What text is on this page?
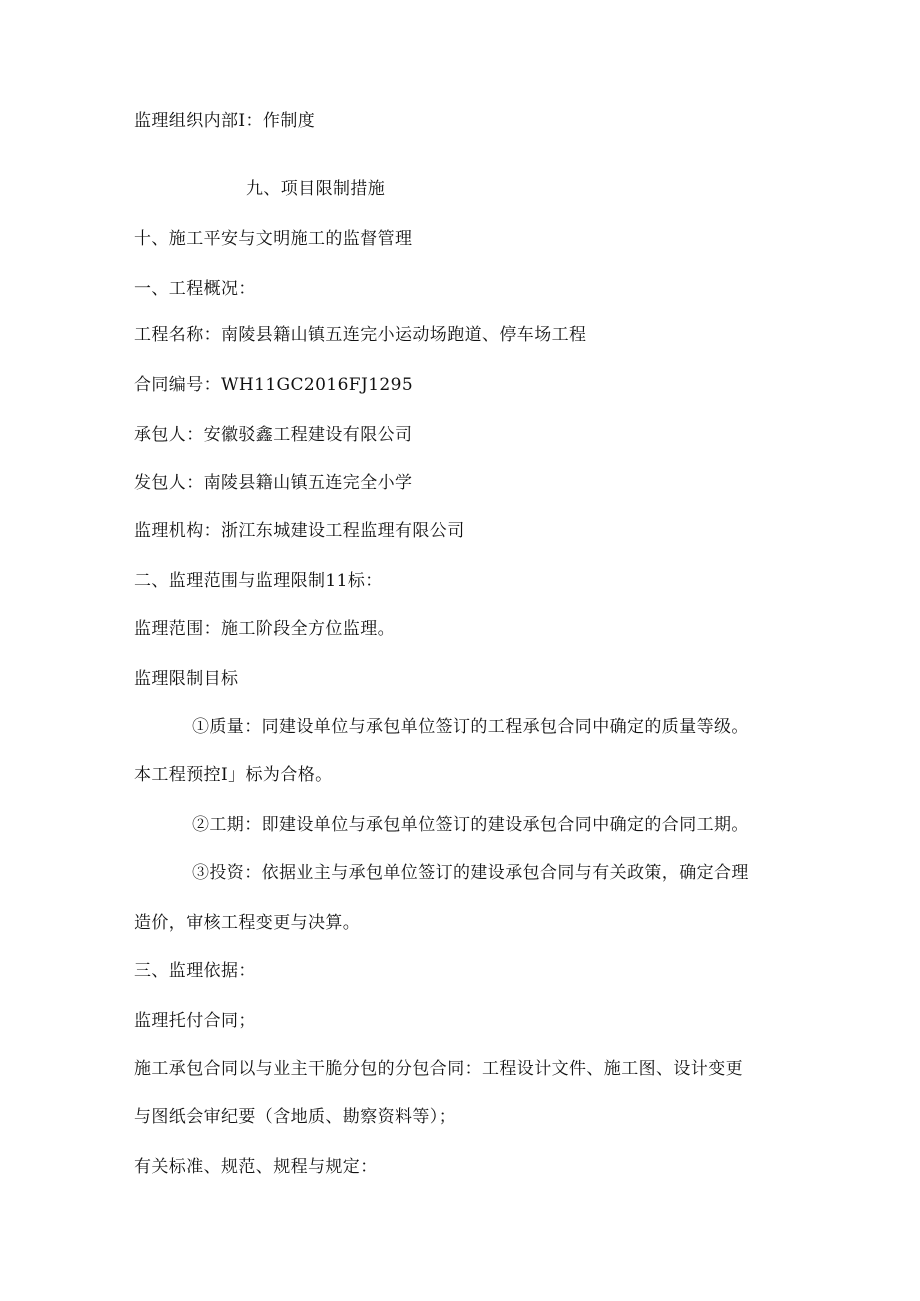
监理组织内部I：作制度
九、项目限制措施
十、施工平安与文明施工的监督管理
一、工程概况：
工程名称：南陵县籍山镇五连完小运动场跑道、停车场工程
合同编号：WH11GC2016FJ1295
承包人：安徽驳鑫工程建设有限公司
发包人：南陵县籍山镇五连完全小学
监理机构：浙江东城建设工程监理有限公司
二、监理范围与监理限制11标：
监理范围：施工阶段全方位监理。
监理限制目标
①质量：同建设单位与承包单位签订的工程承包合同中确定的质量等级。
本工程预控I」标为合格。
②工期：即建设单位与承包单位签订的建设承包合同中确定的合同工期。
③投资：依据业主与承包单位签订的建设承包合同与有关政策，确定合理
造价，审核工程变更与决算。
三、监理依据：
监理托付合同；
施工承包合同以与业主干脆分包的分包合同：工程设计文件、施工图、设计变更
与图纸会审纪要（含地质、勘察资料等）；
有关标准、规范、规程与规定：
